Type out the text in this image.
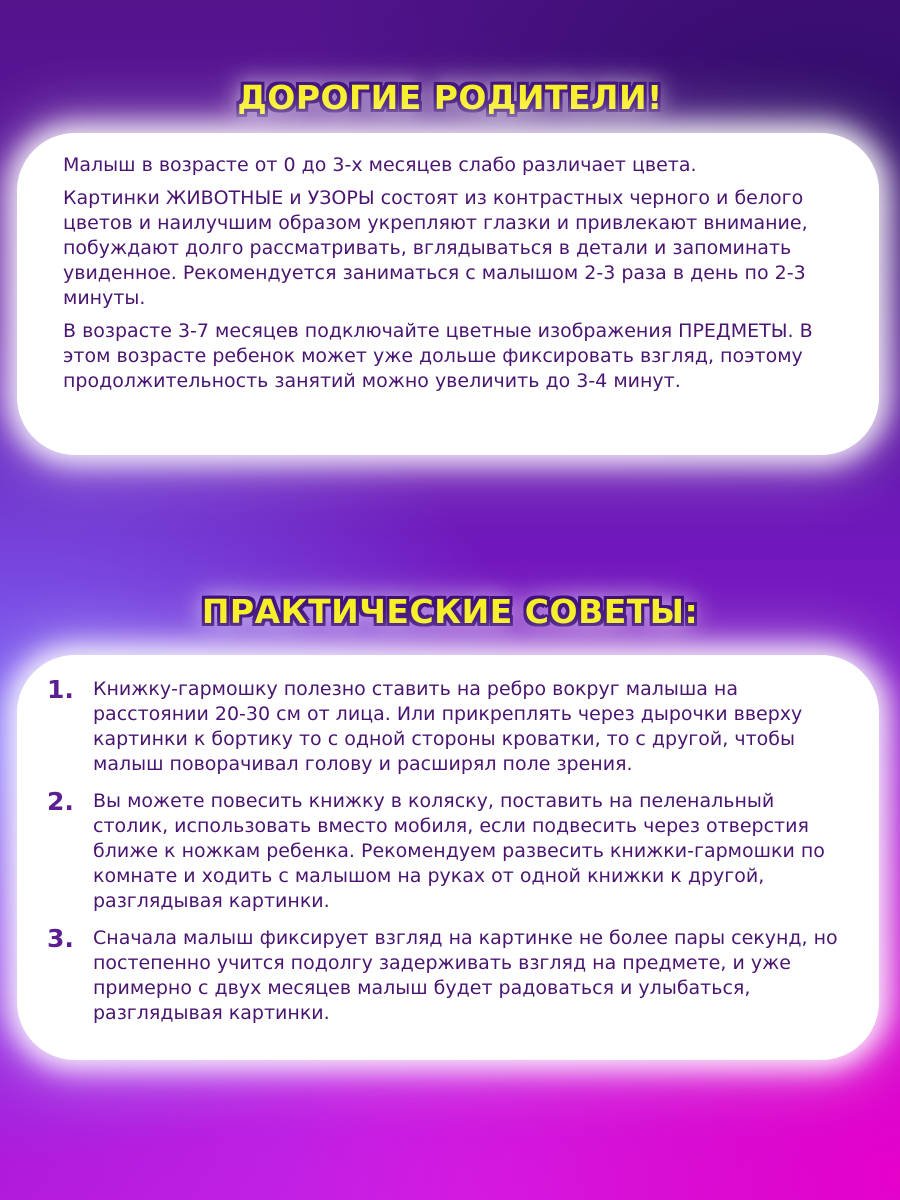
ДОРОГИЕ РОДИТЕЛИ!

Малыш в возрасте от 0 до 3-х месяцев слабо различает цвета.

Картинки ЖИВОТНЫЕ и УЗОРЫ состоят из контрастных черного и белого цветов и наилучшим образом укрепляют глазки и привлекают внимание, побуждают долго рассматривать, вглядываться в детали и запоминать увиденное. Рекомендуется заниматься с малышом 2-3 раза в день по 2-3 минуты.

В возрасте 3-7 месяцев подключайте цветные изображения ПРЕДМЕТЫ. В этом возрасте ребенок может уже дольше фиксировать взгляд, поэтому продолжительность занятий можно увеличить до 3-4 минут.

ПРАКТИЧЕСКИЕ СОВЕТЫ:
1.	Книжку-гармошку полезно ставить на ребро вокруг малыша на расстоянии 20-30 см от лица. Или прикреплять через дырочки вверху картинки к бортику то с одной стороны кроватки, то с другой, чтобы малыш поворачивал голову и расширял поле зрения.
2.	Вы можете повесить книжку в коляску, поставить на пеленальный столик, использовать вместо мобиля, если подвесить через отверстия ближе к ножкам ребенка. Рекомендуем развесить книжки-гармошки по комнате и ходить с малышом на руках от одной книжки к другой, разглядывая картинки.
3.	Сначала малыш фиксирует взгляд на картинке не более пары секунд, но постепенно учится подолгу задерживать взгляд на предмете, и уже примерно с двух месяцев малыш будет радоваться и улыбаться, разглядывая картинки.
